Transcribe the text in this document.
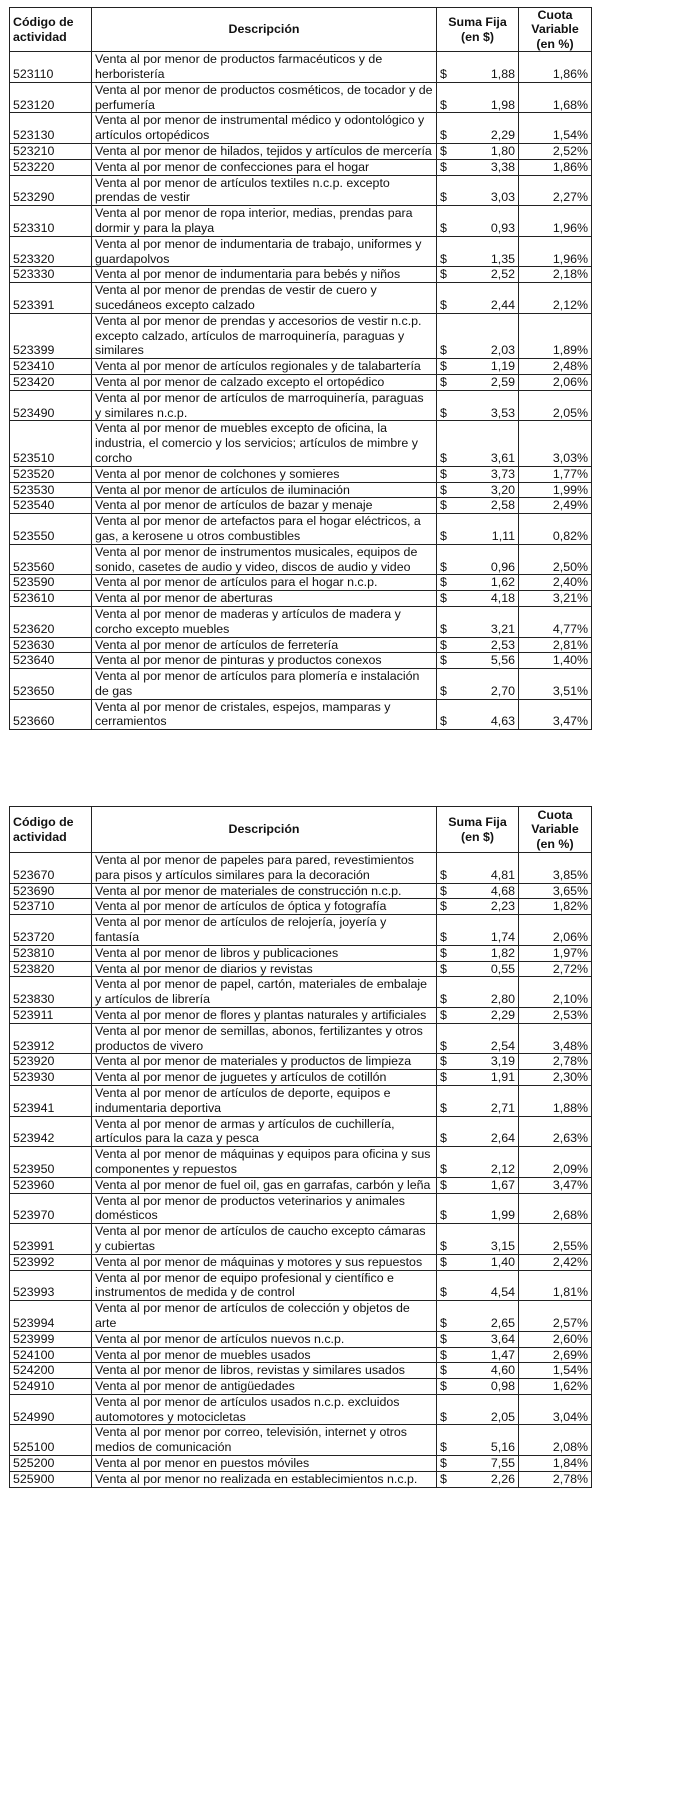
Código de actividad	Descripción	Suma Fija (en $)	Cuota Variable (en %)
523110	Venta al por menor de productos farmacéuticos y de herboristería	$ 1,88	1,86%
523120	Venta al por menor de productos cosméticos, de tocador y de perfumería	$ 1,98	1,68%
523130	Venta al por menor de instrumental médico y odontológico y artículos ortopédicos	$ 2,29	1,54%
523210	Venta al por menor de hilados, tejidos y artículos de mercería	$ 1,80	2,52%
523220	Venta al por menor de confecciones para el hogar	$ 3,38	1,86%
523290	Venta al por menor de artículos textiles n.c.p. excepto prendas de vestir	$ 3,03	2,27%
523310	Venta al por menor de ropa interior, medias, prendas para dormir y para la playa	$ 0,93	1,96%
523320	Venta al por menor de indumentaria de trabajo, uniformes y guardapolvos	$ 1,35	1,96%
523330	Venta al por menor de indumentaria para bebés y niños	$ 2,52	2,18%
523391	Venta al por menor de prendas de vestir de cuero y sucedáneos excepto calzado	$ 2,44	2,12%
523399	Venta al por menor de prendas y accesorios de vestir n.c.p. excepto calzado, artículos de marroquinería, paraguas y similares	$ 2,03	1,89%
523410	Venta al por menor de artículos regionales y de talabartería	$ 1,19	2,48%
523420	Venta al por menor de calzado excepto el ortopédico	$ 2,59	2,06%
523490	Venta al por menor de artículos de marroquinería, paraguas y similares n.c.p.	$ 3,53	2,05%
523510	Venta al por menor de muebles excepto de oficina, la industria, el comercio y los servicios; artículos de mimbre y corcho	$ 3,61	3,03%
523520	Venta al por menor de colchones y somieres	$ 3,73	1,77%
523530	Venta al por menor de artículos de iluminación	$ 3,20	1,99%
523540	Venta al por menor de artículos de bazar y menaje	$ 2,58	2,49%
523550	Venta al por menor de artefactos para el hogar eléctricos, a gas, a kerosene u otros combustibles	$ 1,11	0,82%
523560	Venta al por menor de instrumentos musicales, equipos de sonido, casetes de audio y video, discos de audio y video	$ 0,96	2,50%
523590	Venta al por menor de artículos para el hogar n.c.p.	$ 1,62	2,40%
523610	Venta al por menor de aberturas	$ 4,18	3,21%
523620	Venta al por menor de maderas y artículos de madera y corcho excepto muebles	$ 3,21	4,77%
523630	Venta al por menor de artículos de ferretería	$ 2,53	2,81%
523640	Venta al por menor de pinturas y productos conexos	$ 5,56	1,40%
523650	Venta al por menor de artículos para plomería e instalación de gas	$ 2,70	3,51%
523660	Venta al por menor de cristales, espejos, mamparas y cerramientos	$ 4,63	3,47%
Código de actividad	Descripción	Suma Fija (en $)	Cuota Variable (en %)
523670	Venta al por menor de papeles para pared, revestimientos para pisos y artículos similares para la decoración	$ 4,81	3,85%
523690	Venta al por menor de materiales de construcción n.c.p.	$ 4,68	3,65%
523710	Venta al por menor de artículos de óptica y fotografía	$ 2,23	1,82%
523720	Venta al por menor de artículos de relojería, joyería y fantasía	$ 1,74	2,06%
523810	Venta al por menor de libros y publicaciones	$ 1,82	1,97%
523820	Venta al por menor de diarios y revistas	$ 0,55	2,72%
523830	Venta al por menor de papel, cartón, materiales de embalaje y artículos de librería	$ 2,80	2,10%
523911	Venta al por menor de flores y plantas naturales y artificiales	$ 2,29	2,53%
523912	Venta al por menor de semillas, abonos, fertilizantes y otros productos de vivero	$ 2,54	3,48%
523920	Venta al por menor de materiales y productos de limpieza	$ 3,19	2,78%
523930	Venta al por menor de juguetes y artículos de cotillón	$ 1,91	2,30%
523941	Venta al por menor de artículos de deporte, equipos e indumentaria deportiva	$ 2,71	1,88%
523942	Venta al por menor de armas y artículos de cuchillería, artículos para la caza y pesca	$ 2,64	2,63%
523950	Venta al por menor de máquinas y equipos para oficina y sus componentes y repuestos	$ 2,12	2,09%
523960	Venta al por menor de fuel oil, gas en garrafas, carbón y leña	$ 1,67	3,47%
523970	Venta al por menor de productos veterinarios y animales domésticos	$ 1,99	2,68%
523991	Venta al por menor de artículos de caucho excepto cámaras y cubiertas	$ 3,15	2,55%
523992	Venta al por menor de máquinas y motores y sus repuestos	$ 1,40	2,42%
523993	Venta al por menor de equipo profesional y científico e instrumentos de medida y de control	$ 4,54	1,81%
523994	Venta al por menor de artículos de colección y objetos de arte	$ 2,65	2,57%
523999	Venta al por menor de artículos nuevos n.c.p.	$ 3,64	2,60%
524100	Venta al por menor de muebles usados	$ 1,47	2,69%
524200	Venta al por menor de libros, revistas y similares usados	$ 4,60	1,54%
524910	Venta al por menor de antigüedades	$ 0,98	1,62%
524990	Venta al por menor de artículos usados n.c.p. excluidos automotores y motocicletas	$ 2,05	3,04%
525100	Venta al por menor por correo, televisión, internet y otros medios de comunicación	$ 5,16	2,08%
525200	Venta al por menor en puestos móviles	$ 7,55	1,84%
525900	Venta al por menor no realizada en establecimientos n.c.p.	$ 2,26	2,78%
